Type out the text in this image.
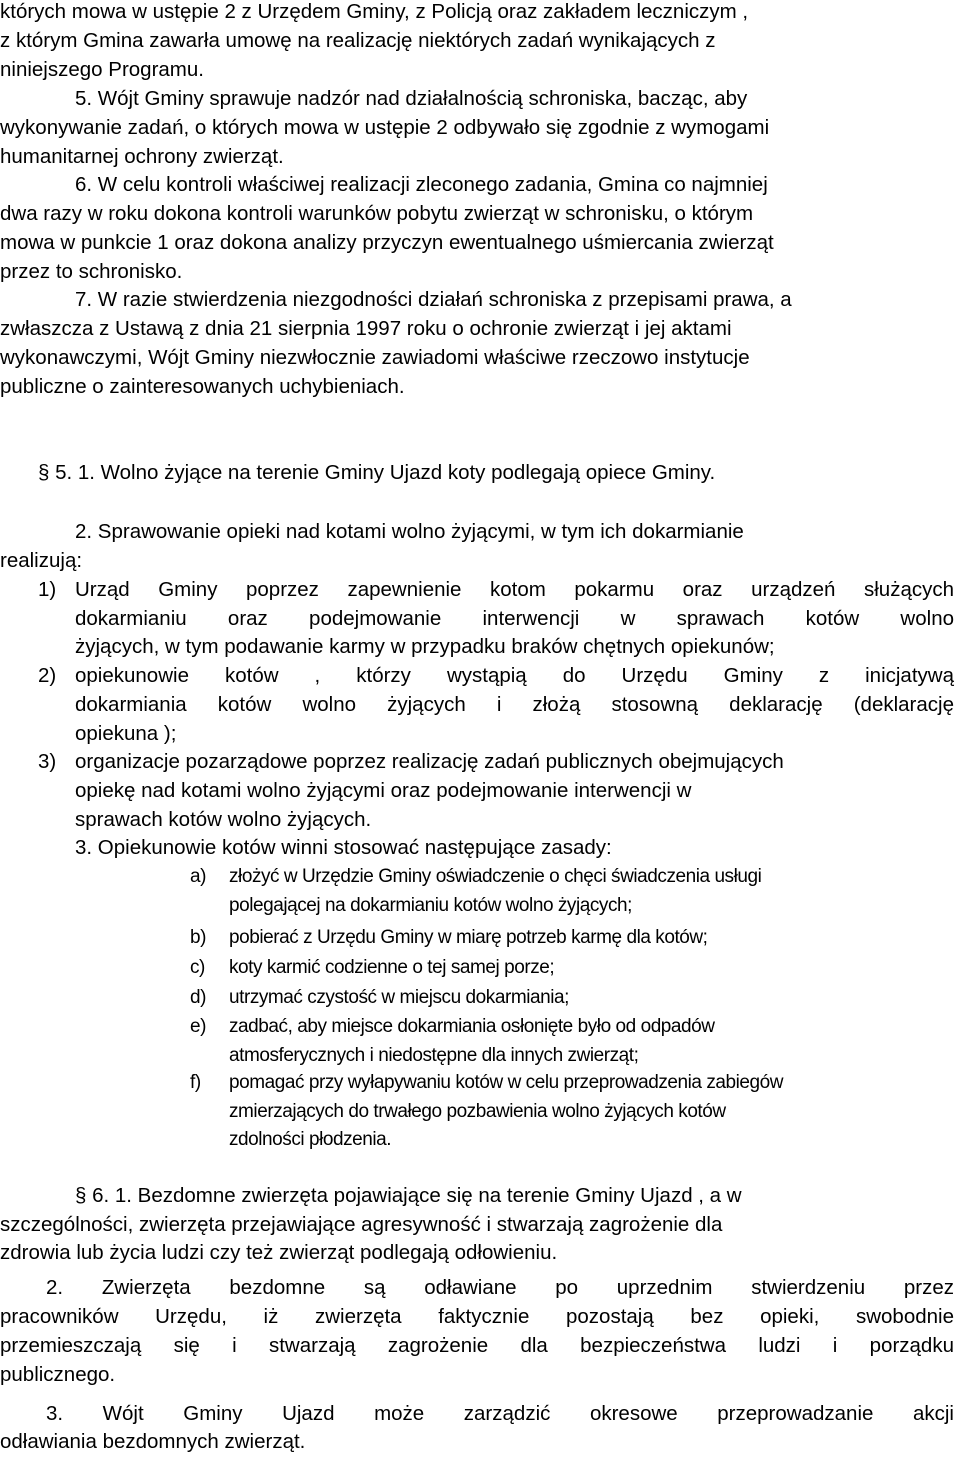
których mowa w ustępie 2 z Urzędem Gminy, z Policją oraz zakładem leczniczym ,
z którym Gmina zawarła umowę na realizację niektórych zadań wynikających z
niniejszego Programu.
5. Wójt Gminy sprawuje nadzór nad działalnością schroniska, bacząc, aby
wykonywanie zadań, o których mowa w ustępie 2 odbywało się zgodnie z wymogami
humanitarnej ochrony zwierząt.
6. W celu kontroli właściwej realizacji zleconego zadania, Gmina co najmniej
dwa razy w roku dokona kontroli warunków pobytu zwierząt w schronisku, o którym
mowa w punkcie 1 oraz dokona analizy przyczyn ewentualnego uśmiercania zwierząt
przez to schronisko.
7. W razie stwierdzenia niezgodności działań schroniska z przepisami prawa, a
zwłaszcza z Ustawą z dnia 21 sierpnia 1997 roku o ochronie zwierząt i jej aktami
wykonawczymi, Wójt Gminy niezwłocznie zawiadomi właściwe rzeczowo instytucje
publiczne o zainteresowanych uchybieniach.
§ 5. 1. Wolno żyjące na terenie Gminy Ujazd koty podlegają opiece Gminy.
2. Sprawowanie opieki nad kotami wolno żyjącymi, w tym ich dokarmianie
realizują:
1) Urząd Gminy poprzez zapewnienie kotom pokarmu oraz urządzeń służących
dokarmianiu oraz podejmowanie interwencji w sprawach kotów wolno
żyjących, w tym podawanie karmy w przypadku braków chętnych opiekunów;
2) opiekunowie kotów , którzy wystąpią do Urzędu Gminy z inicjatywą
dokarmiania kotów wolno żyjących i złożą stosowną deklarację (deklarację
opiekuna );
3) organizacje pozarządowe poprzez realizację zadań publicznych obejmujących
opiekę nad kotami wolno żyjącymi oraz podejmowanie interwencji w
sprawach kotów wolno żyjących.
3. Opiekunowie kotów winni stosować następujące zasady:
a) złożyć w Urzędzie Gminy oświadczenie o chęci świadczenia usługi
polegającej na dokarmianiu kotów wolno żyjących;
b) pobierać z Urzędu Gminy w miarę potrzeb karmę dla kotów;
c) koty karmić codzienne o tej samej porze;
d) utrzymać czystość w miejscu dokarmiania;
e) zadbać, aby miejsce dokarmiania osłonięte było od odpadów
atmosferycznych i niedostępne dla innych zwierząt;
f) pomagać przy wyłapywaniu kotów w celu przeprowadzenia zabiegów
zmierzających do trwałego pozbawienia wolno żyjących kotów
zdolności płodzenia.
§ 6. 1. Bezdomne zwierzęta pojawiające się na terenie Gminy Ujazd , a w
szczególności, zwierzęta przejawiające agresywność i stwarzają zagrożenie dla
zdrowia lub życia ludzi czy też zwierząt podlegają odłowieniu.
2. Zwierzęta bezdomne są odławiane po uprzednim stwierdzeniu przez
pracowników Urzędu, iż zwierzęta faktycznie pozostają bez opieki, swobodnie
przemieszczają się i stwarzają zagrożenie dla bezpieczeństwa ludzi i porządku
publicznego.
3. Wójt Gminy Ujazd może zarządzić okresowe przeprowadzanie akcji
odławiania bezdomnych zwierząt.
